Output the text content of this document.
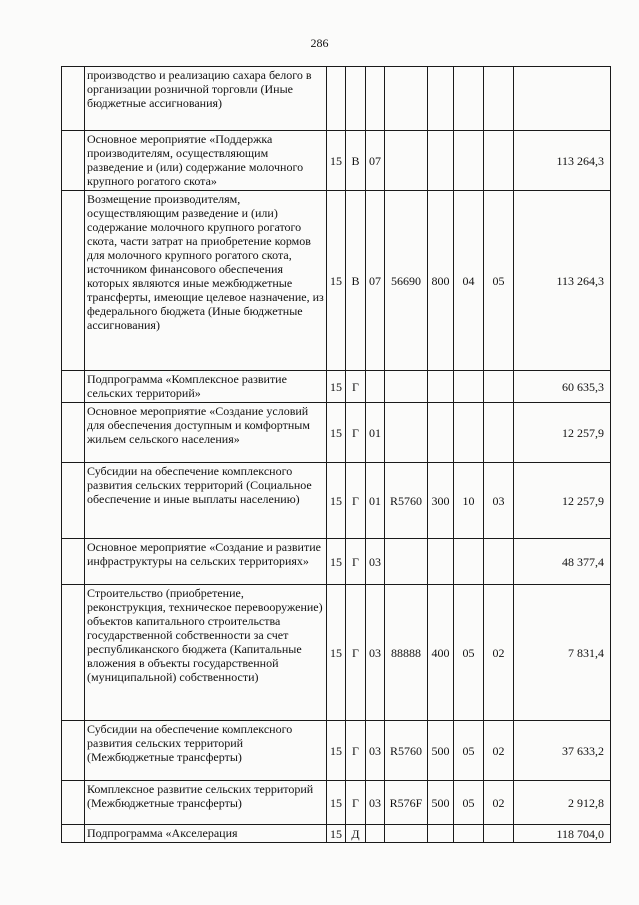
286
	производство и реализацию сахара белого в организации розничной торговли (Иные бюджетные ассигнования)								
	Основное мероприятие «Поддержка производителям, осуществляющим разведение и (или) содержание молочного крупного рогатого скота»	15	В	07					113 264,3
	Возмещение производителям, осуществляющим разведение и (или) содержание молочного крупного рогатого скота, части затрат на приобретение кормов для молочного крупного рогатого скота, источником финансового обеспечения которых являются иные межбюджетные трансферты, имеющие целевое назначение, из федерального бюджета (Иные бюджетные ассигнования)	15	В	07	56690	800	04	05	113 264,3
	Подпрограмма «Комплексное развитие сельских территорий»	15	Г						60 635,3
	Основное мероприятие «Создание условий для обеспечения доступным и комфортным жильем сельского населения»	15	Г	01					12 257,9
	Субсидии на обеспечение комплексного развития сельских территорий (Социальное обеспечение и иные выплаты населению)	15	Г	01	R5760	300	10	03	12 257,9
	Основное мероприятие «Создание и развитие инфраструктуры на сельских территориях»	15	Г	03					48 377,4
	Строительство (приобретение, реконструкция, техническое перевооружение) объектов капитального строительства государственной собственности за счет республиканского бюджета (Капитальные вложения в объекты государственной (муниципальной) собственности)	15	Г	03	88888	400	05	02	7 831,4
	Субсидии на обеспечение комплексного развития сельских территорий (Межбюджетные трансферты)	15	Г	03	R5760	500	05	02	37 633,2
	Комплексное развитие сельских территорий (Межбюджетные трансферты)	15	Г	03	R576F	500	05	02	2 912,8
	Подпрограмма «Акселерация	15	Д						118 704,0
